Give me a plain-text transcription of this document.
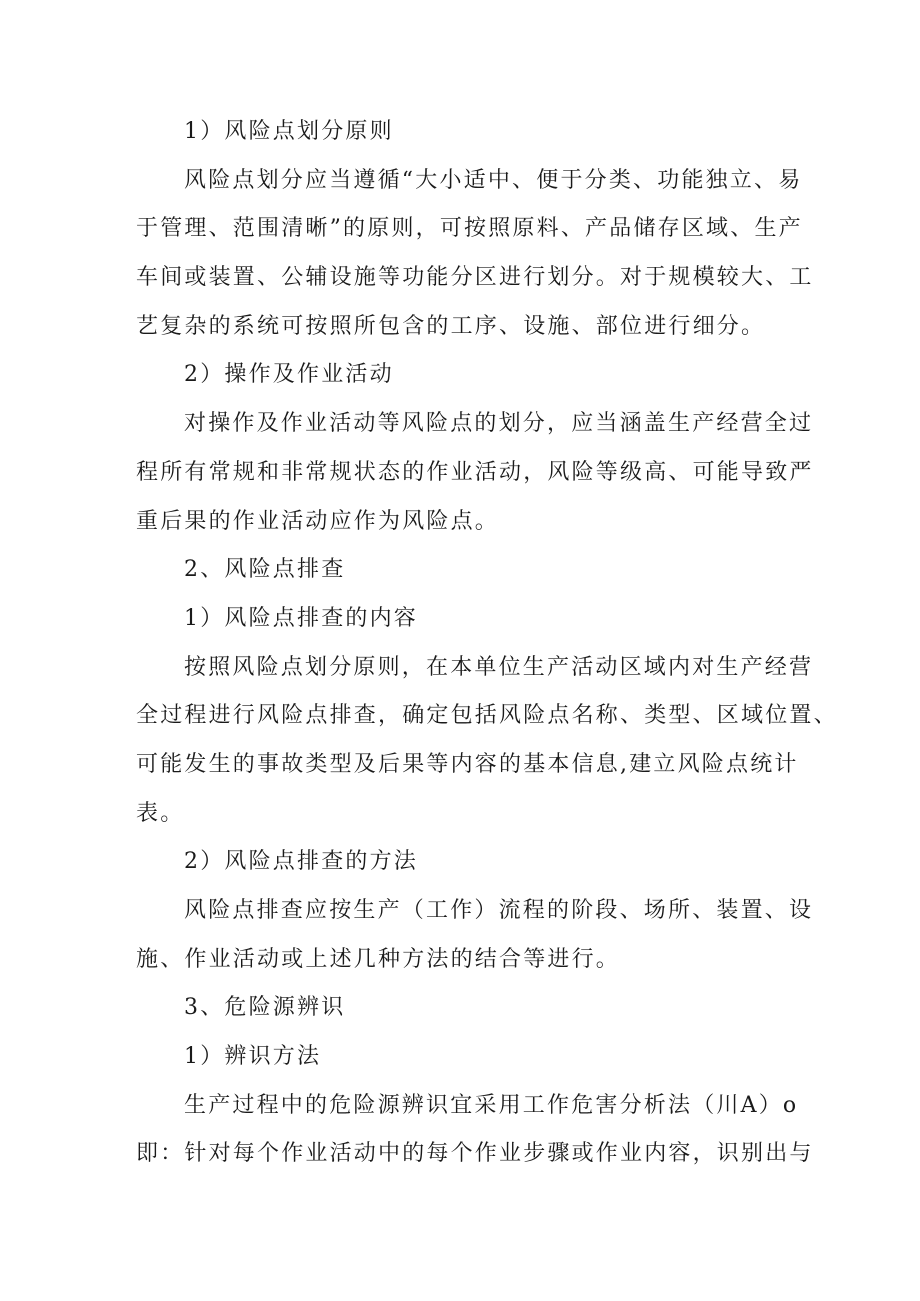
1）风险点划分原则
风险点划分应当遵循“大小适中、便于分类、功能独立、易
于管理、范围清晰”的原则，可按照原料、产品储存区域、生产
车间或装置、公辅设施等功能分区进行划分。对于规模较大、工
艺复杂的系统可按照所包含的工序、设施、部位进行细分。
2）操作及作业活动
对操作及作业活动等风险点的划分，应当涵盖生产经营全过
程所有常规和非常规状态的作业活动，风险等级高、可能导致严
重后果的作业活动应作为风险点。
2、风险点排查
1）风险点排查的内容
按照风险点划分原则，在本单位生产活动区域内对生产经营
全过程进行风险点排查，确定包括风险点名称、类型、区域位置、
可能发生的事故类型及后果等内容的基本信息,建立风险点统计
表。
2）风险点排查的方法
风险点排查应按生产（工作）流程的阶段、场所、装置、设
施、作业活动或上述几种方法的结合等进行。
3、危险源辨识
1）辨识方法
生产过程中的危险源辨识宜采用工作危害分析法（川A）o
即：针对每个作业活动中的每个作业步骤或作业内容，识别出与
